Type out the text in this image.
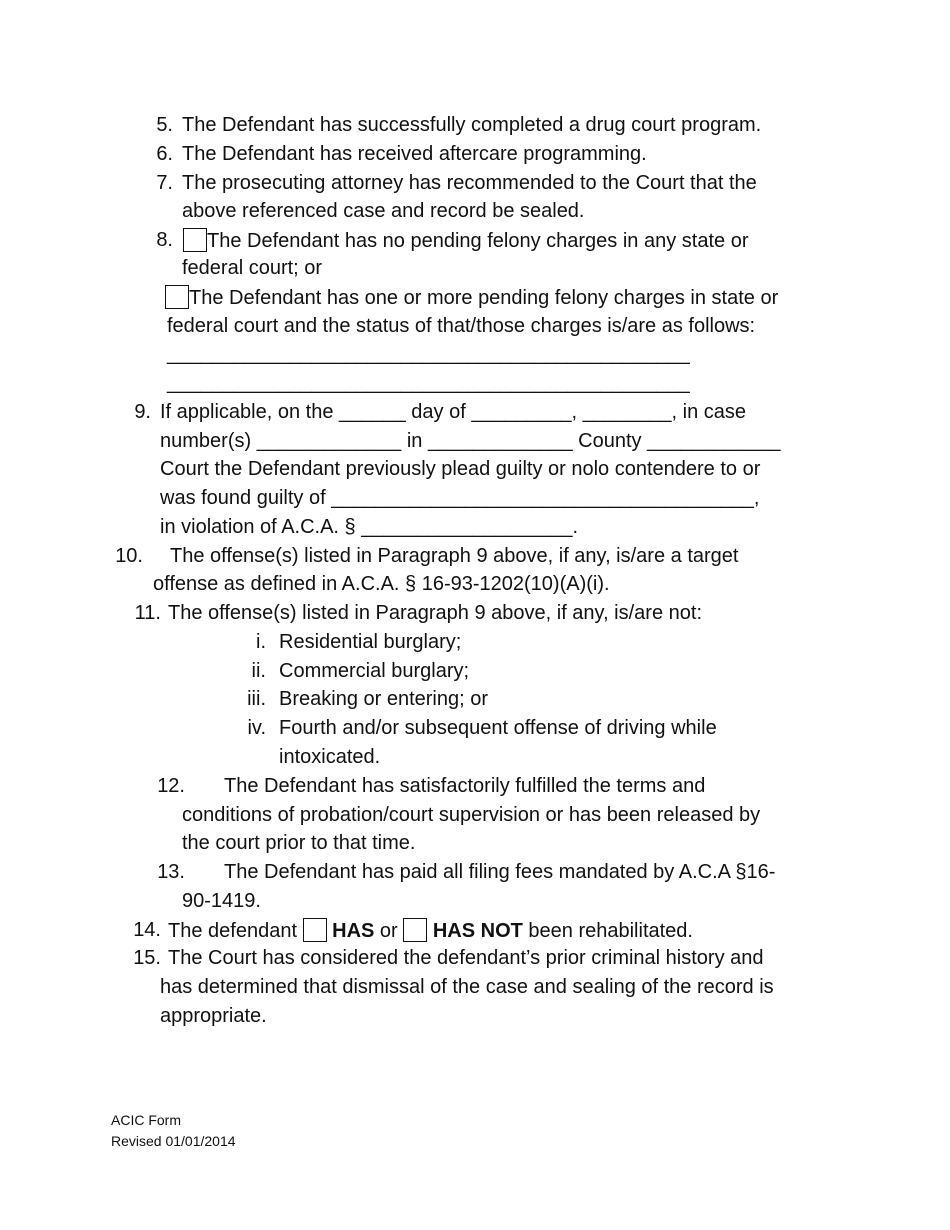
5. The Defendant has successfully completed a drug court program.
6. The Defendant has received aftercare programming.
7. The prosecuting attorney has recommended to the Court that the
above referenced case and record be sealed.
8.	The Defendant has no pending felony charges in any state or
federal court; or
The Defendant has one or more pending felony charges in state or
federal court and the status of that/those charges is/are as follows:
_______________________________________________
_______________________________________________
9. If applicable, on the ______ day of _________, ________, in case
number(s) _____________ in _____________ County ____________
Court the Defendant previously plead guilty or nolo contendere to or
was found guilty of ______________________________________,
in violation of A.C.A. § ___________________.
10. The offense(s) listed in Paragraph 9 above, if any, is/are a target
offense as defined in A.C.A. § 16-93-1202(10)(A)(i).
11. The offense(s) listed in Paragraph 9 above, if any, is/are not:
i. Residential burglary;
ii. Commercial burglary;
iii. Breaking or entering; or
iv. Fourth and/or subsequent offense of driving while
intoxicated.
12. The Defendant has satisfactorily fulfilled the terms and
conditions of probation/court supervision or has been released by
the court prior to that time.
13. The Defendant has paid all filing fees mandated by A.C.A §16-
90-1419.
14. The defendant HAS or HAS NOT been rehabilitated.
15. The Court has considered the defendant’s prior criminal history and
has determined that dismissal of the case and sealing of the record is
appropriate.
ACIC Form
Revised 01/01/2014
